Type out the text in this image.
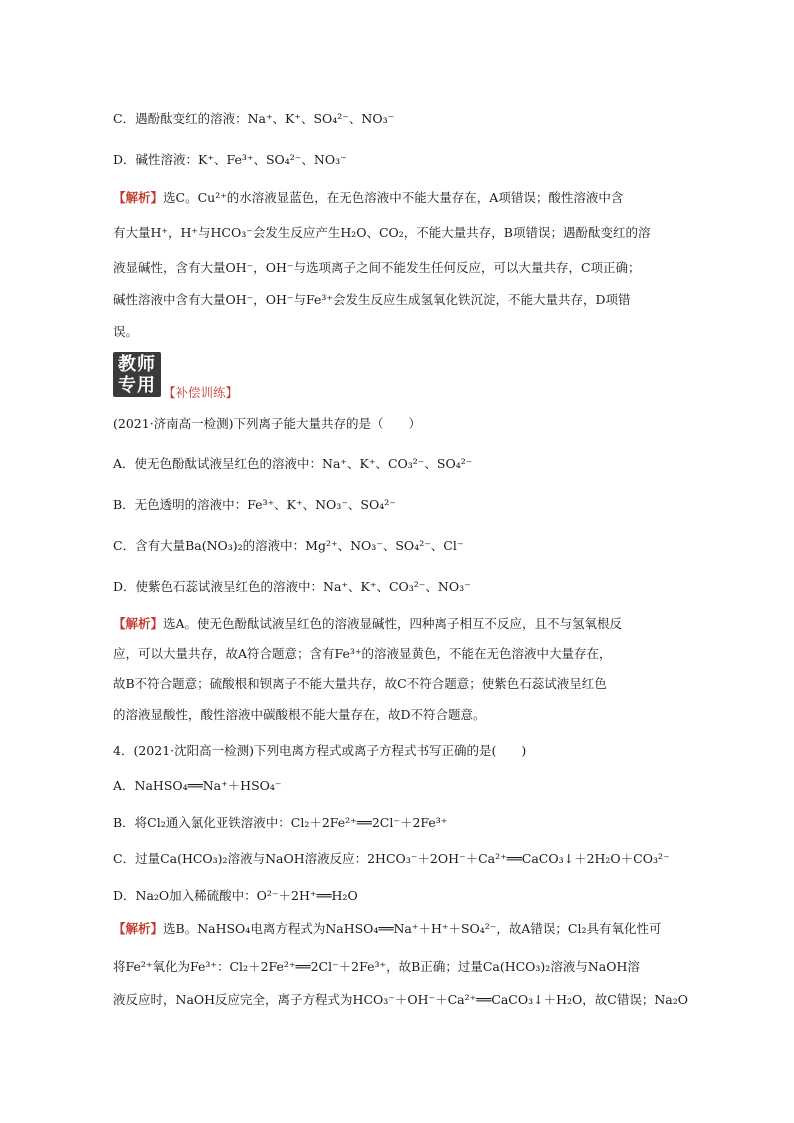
C．遇酚酞变红的溶液：Na⁺、K⁺、SO₄²⁻、NO₃⁻
D．碱性溶液：K⁺、Fe³⁺、SO₄²⁻、NO₃⁻
【解析】选C。Cu²⁺的水溶液显蓝色，在无色溶液中不能大量存在，A项错误；酸性溶液中含
有大量H⁺，H⁺与HCO₃⁻会发生反应产生H₂O、CO₂，不能大量共存，B项错误；遇酚酞变红的溶
液显碱性，含有大量OH⁻，OH⁻与选项离子之间不能发生任何反应，可以大量共存，C项正确；
碱性溶液中含有大量OH⁻，OH⁻与Fe³⁺会发生反应生成氢氧化铁沉淀，不能大量共存，D项错
误。
(2021·济南高一检测)下列离子能大量共存的是（　　）
A．使无色酚酞试液呈红色的溶液中：Na⁺、K⁺、CO₃²⁻、SO₄²⁻
B．无色透明的溶液中：Fe³⁺、K⁺、NO₃⁻、SO₄²⁻
C．含有大量Ba(NO₃)₂的溶液中：Mg²⁺、NO₃⁻、SO₄²⁻、Cl⁻
D．使紫色石蕊试液呈红色的溶液中：Na⁺、K⁺、CO₃²⁻、NO₃⁻
【解析】选A。使无色酚酞试液呈红色的溶液显碱性，四种离子相互不反应，且不与氢氧根反
应，可以大量共存，故A符合题意；含有Fe³⁺的溶液显黄色，不能在无色溶液中大量存在，
故B不符合题意；硫酸根和钡离子不能大量共存，故C不符合题意；使紫色石蕊试液呈红色
的溶液显酸性，酸性溶液中碳酸根不能大量存在，故D不符合题意。
4．(2021·沈阳高一检测)下列电离方程式或离子方程式书写正确的是(　　)
A．NaHSO₄══Na⁺＋HSO₄⁻
B．将Cl₂通入氯化亚铁溶液中：Cl₂＋2Fe²⁺══2Cl⁻＋2Fe³⁺
C．过量Ca(HCO₃)₂溶液与NaOH溶液反应：2HCO₃⁻＋2OH⁻＋Ca²⁺══CaCO₃↓＋2H₂O＋CO₃²⁻
D．Na₂O加入稀硫酸中：O²⁻＋2H⁺══H₂O
【解析】选B。NaHSO₄电离方程式为NaHSO₄══Na⁺＋H⁺＋SO₄²⁻，故A错误；Cl₂具有氧化性可
将Fe²⁺氧化为Fe³⁺：Cl₂＋2Fe²⁺══2Cl⁻＋2Fe³⁺，故B正确；过量Ca(HCO₃)₂溶液与NaOH溶
液反应时，NaOH反应完全，离子方程式为HCO₃⁻＋OH⁻＋Ca²⁺══CaCO₃↓＋H₂O，故C错误；Na₂O
教师
专用 【补偿训练】
